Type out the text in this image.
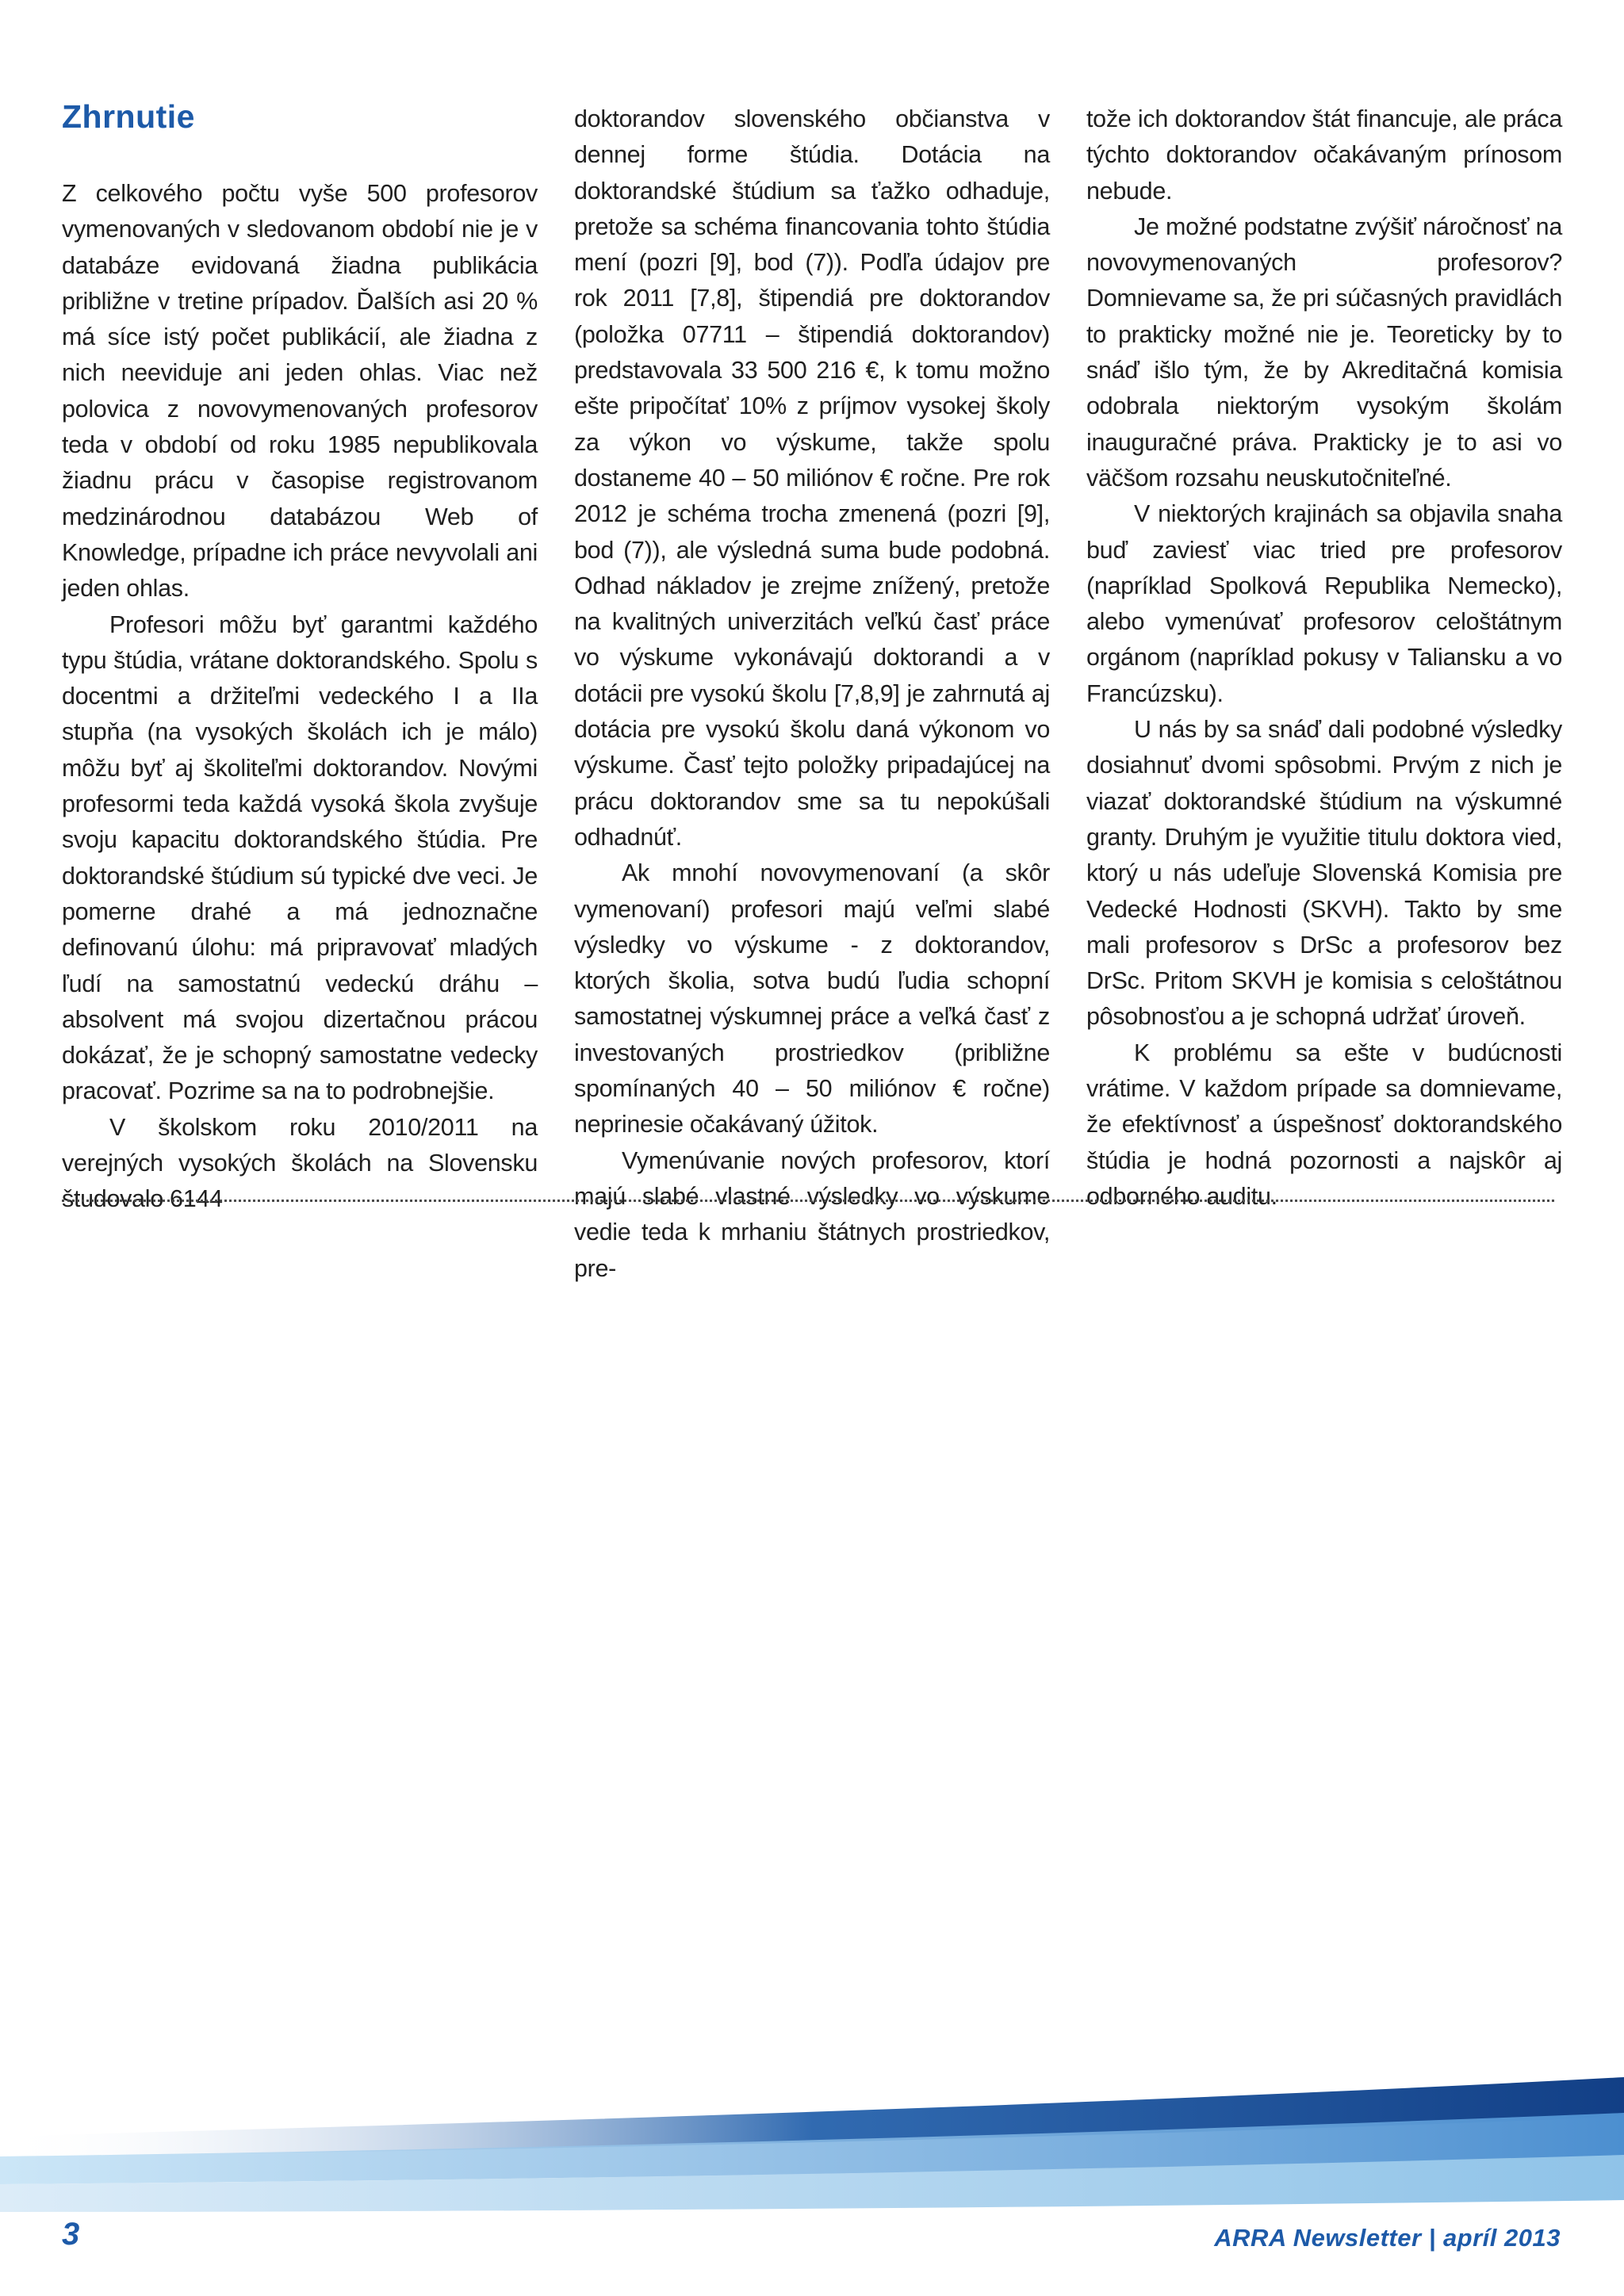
Zhrnutie

Z celkového počtu vyše 500 profesorov vymenovaných v sledovanom období nie je v databáze evidovaná žiadna publikácia približne v tretine prípadov. Ďalších asi 20 % má síce istý počet publikácií, ale žiadna z nich neeviduje ani jeden ohlas. Viac než polovica z novovymenovaných profesorov teda v období od roku 1985 nepublikovala žiadnu prácu v časopise registrovanom medzinárodnou databázou Web of Knowledge, prípadne ich práce nevyvolali ani jeden ohlas.

Profesori môžu byť garantmi každého typu štúdia, vrátane doktorandského. Spolu s docentmi a držiteľmi vedeckého I a IIa stupňa (na vysokých školách ich je málo) môžu byť aj školiteľmi doktorandov. Novými profesormi teda každá vysoká škola zvyšuje svoju kapacitu doktorandského štúdia. Pre doktorandské štúdium sú typické dve veci. Je pomerne drahé a má jednoznačne definovanú úlohu: má pripravovať mladých ľudí na samostatnú vedeckú dráhu – absolvent má svojou dizertačnou prácou dokázať, že je schopný samostatne vedecky pracovať. Pozrime sa na to podrobnejšie.

V školskom roku 2010/2011 na verejných vysokých školách na Slovensku študovalo 6144

doktorandov slovenského občianstva v dennej forme štúdia. Dotácia na doktorandské štúdium sa ťažko odhaduje, pretože sa schéma financovania tohto štúdia mení (pozri [9], bod (7)). Podľa údajov pre rok 2011 [7,8], štipendiá pre doktorandov (položka 07711 – štipendiá doktorandov) predstavovala 33 500 216 €, k tomu možno ešte pripočítať 10% z príjmov vysokej školy za výkon vo výskume, takže spolu dostaneme 40 – 50 miliónov € ročne. Pre rok 2012 je schéma trocha zmenená (pozri [9], bod (7)), ale výsledná suma bude podobná. Odhad nákladov je zrejme znížený, pretože na kvalitných univerzitách veľkú časť práce vo výskume vykonávajú doktorandi a v dotácii pre vysokú školu [7,8,9] je zahrnutá aj dotácia pre vysokú školu daná výkonom vo výskume. Časť tejto položky pripadajúcej na prácu doktorandov sme sa tu nepokúšali odhadnúť.

Ak mnohí novovymenovaní (a skôr vymenovaní) profesori majú veľmi slabé výsledky vo výskume - z doktorandov, ktorých školia, sotva budú ľudia schopní samostatnej výskumnej práce a veľká časť z investovaných prostriedkov (približne spomínaných 40 – 50 miliónov € ročne) neprinesie očakávaný úžitok.

Vymenúvanie nových profesorov, ktorí majú slabé vlastné výsledky vo výskume vedie teda k mrhaniu štátnych prostriedkov, pre-

tože ich doktorandov štát financuje, ale práca týchto doktorandov očakávaným prínosom nebude.

Je možné podstatne zvýšiť náročnosť na novovymenovaných profesorov? Domnievame sa, že pri súčasných pravidlách to prakticky možné nie je. Teoreticky by to snáď išlo tým, že by Akreditačná komisia odobrala niektorým vysokým školám inauguračné práva. Prakticky je to asi vo väčšom rozsahu neuskutočniteľné.

V niektorých krajinách sa objavila snaha buď zaviesť viac tried pre profesorov (napríklad Spolková Republika Nemecko), alebo vymenúvať profesorov celoštátnym orgánom (napríklad pokusy v Taliansku a vo Francúzsku).

U nás by sa snáď dali podobné výsledky dosiahnuť dvomi spôsobmi. Prvým z nich je viazať doktorandské štúdium na výskumné granty. Druhým je využitie titulu doktora vied, ktorý u nás udeľuje Slovenská Komisia pre Vedecké Hodnosti (SKVH). Takto by sme mali profesorov s DrSc a profesorov bez DrSc. Pritom SKVH je komisia s celoštátnou pôsobnosťou a je schopná udržať úroveň.

K problému sa ešte v budúcnosti vrátime. V každom prípade sa domnievame, že efektívnosť a úspešnosť doktorandského štúdia je hodná pozornosti a najskôr aj odborného auditu.

3	ARRA Newsletter | apríl 2013
